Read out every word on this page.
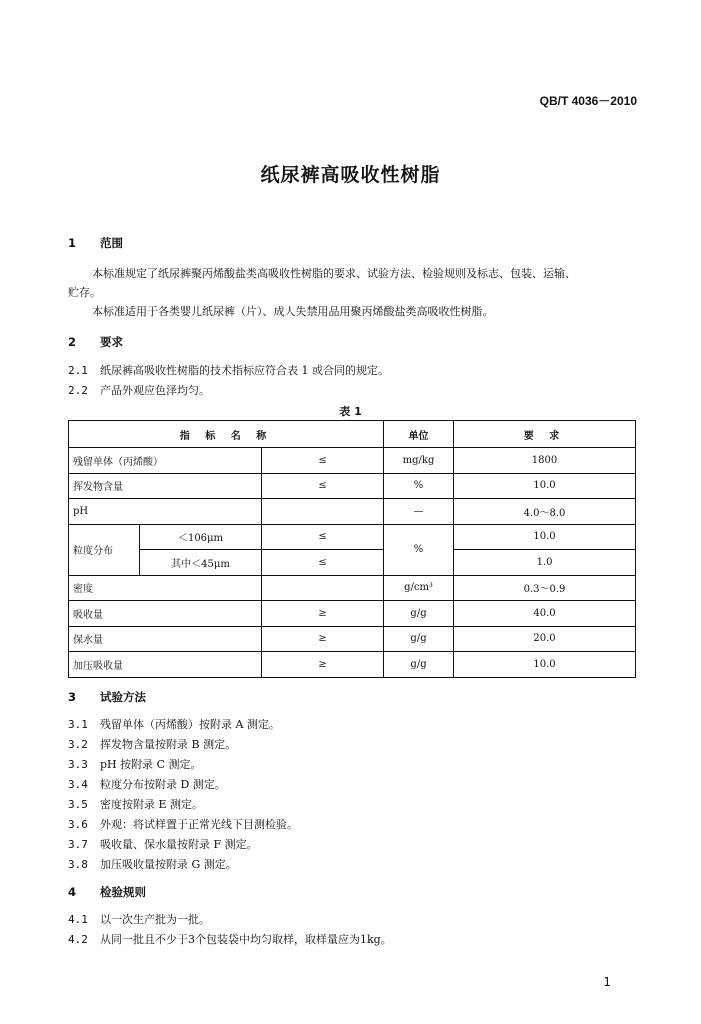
QB/T 4036－2010
纸尿裤高吸收性树脂
1 范围

本标准规定了纸尿裤聚丙烯酸盐类高吸收性树脂的要求、试验方法、检验规则及标志、包装、运输、

贮存。

本标准适用于各类婴儿纸尿裤（片）、成人失禁用品用聚丙烯酸盐类高吸收性树脂。

2 要求
2.1 纸尿裤高吸收性树脂的技术指标应符合表 1 或合同的规定。
2.2 产品外观应色泽均匀。
表 1
指 标 名 称			单位	要 求
残留单体（丙烯酸）		≤	mg/kg	1800
挥发物含量		≤	%	10.0
pH			—	4.0～8.0
粒度分布	＜106μm	≤	%	10.0
	其中＜45μm	≤		1.0
密度			g/cm³	0.3～0.9
吸收量		≥	g/g	40.0
保水量		≥	g/g	20.0
加压吸收量		≥	g/g	10.0
3 试验方法
3.1 残留单体（丙烯酸）按附录 A 测定。
3.2 挥发物含量按附录 B 测定。
3.3 pH 按附录 C 测定。
3.4 粒度分布按附录 D 测定。
3.5 密度按附录 E 测定。
3.6 外观：将试样置于正常光线下目测检验。
3.7 吸收量、保水量按附录 F 测定。
3.8 加压吸收量按附录 G 测定。
4 检验规则
4.1 以一次生产批为一批。
4.2 从同一批且不少于3个包装袋中均匀取样，取样量应为1kg。
1
